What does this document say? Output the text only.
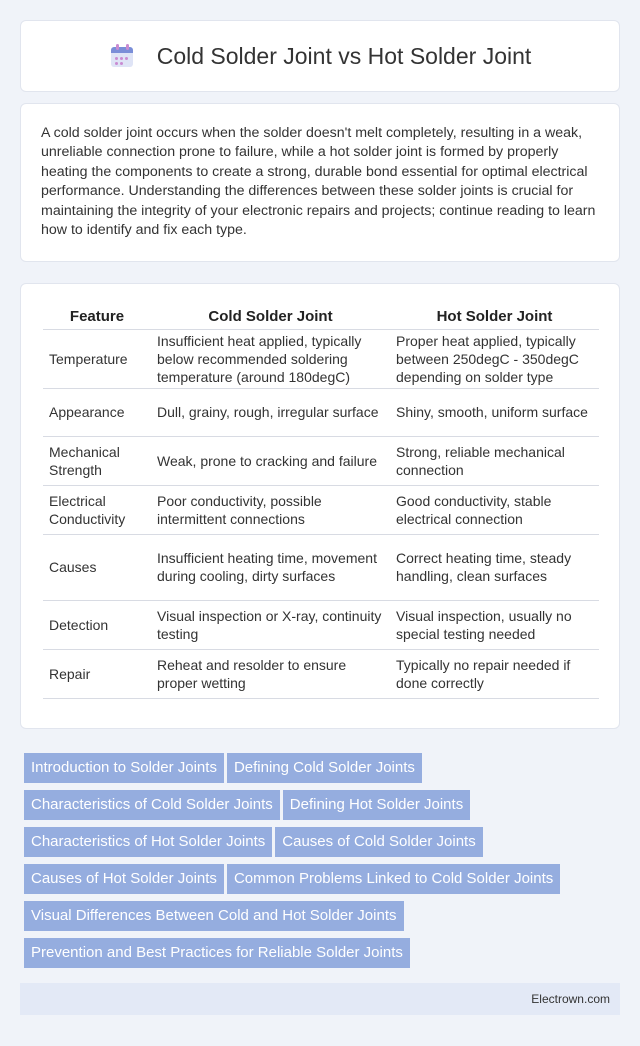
Cold Solder Joint vs Hot Solder Joint

A cold solder joint occurs when the solder doesn't melt completely, resulting in a weak, unreliable connection prone to failure, while a hot solder joint is formed by properly heating the components to create a strong, durable bond essential for optimal electrical performance. Understanding the differences between these solder joints is crucial for maintaining the integrity of your electronic repairs and projects; continue reading to learn how to identify and fix each type.

Feature	Cold Solder Joint	Hot Solder Joint
Temperature	Insufficient heat applied, typically below recommended soldering temperature (around 180degC)	Proper heat applied, typically between 250degC - 350degC depending on solder type
Appearance	Dull, grainy, rough, irregular surface	Shiny, smooth, uniform surface
Mechanical Strength	Weak, prone to cracking and failure	Strong, reliable mechanical connection
Electrical Conductivity	Poor conductivity, possible intermittent connections	Good conductivity, stable electrical connection
Causes	Insufficient heating time, movement during cooling, dirty surfaces	Correct heating time, steady handling, clean surfaces
Detection	Visual inspection or X-ray, continuity testing	Visual inspection, usually no special testing needed
Repair	Reheat and resolder to ensure proper wetting	Typically no repair needed if done correctly
Introduction to Solder Joints Defining Cold Solder Joints
Characteristics of Cold Solder Joints Defining Hot Solder Joints
Characteristics of Hot Solder Joints Causes of Cold Solder Joints
Causes of Hot Solder Joints Common Problems Linked to Cold Solder Joints
Visual Differences Between Cold and Hot Solder Joints
Prevention and Best Practices for Reliable Solder Joints
Electrown.com
